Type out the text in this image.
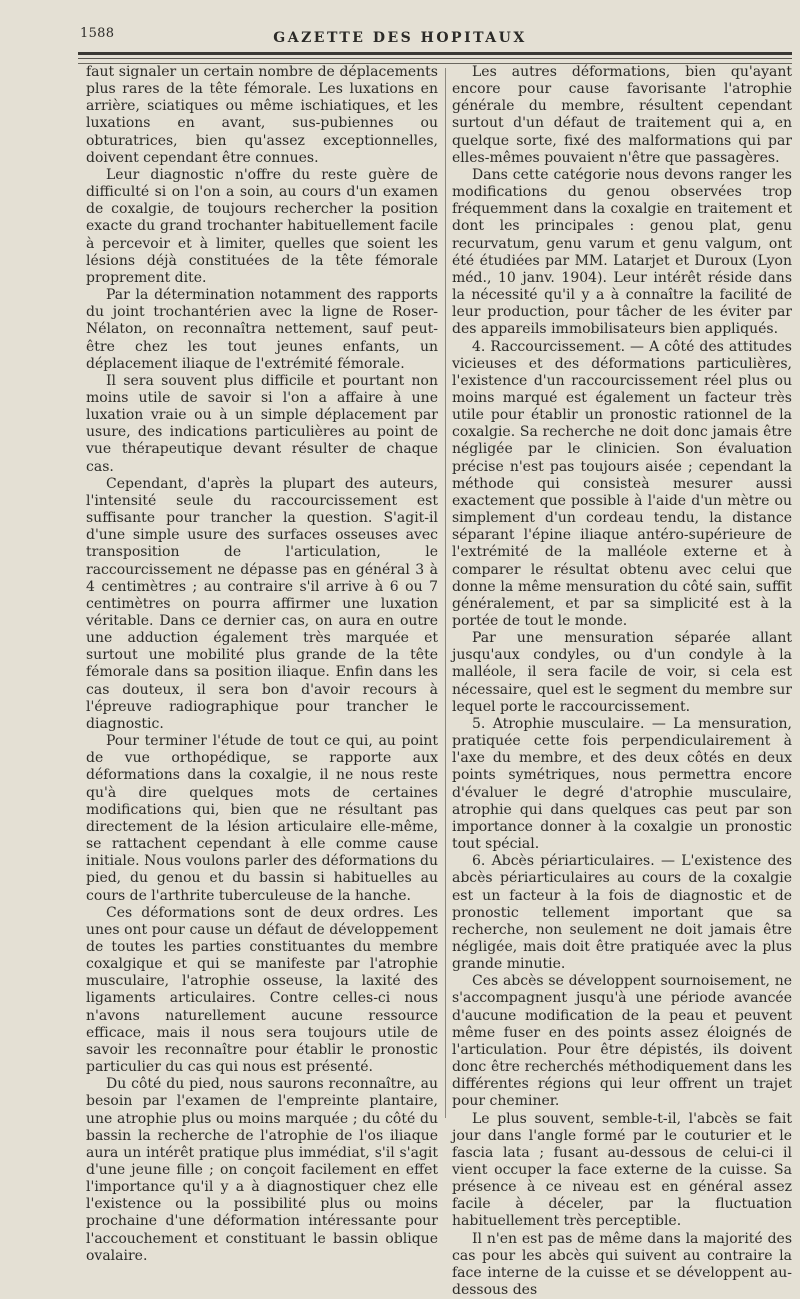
1588	GAZETTE DES HOPITAUX

faut signaler un certain nombre de déplacements plus rares de la tête fémorale. Les luxations en arrière, sciatiques ou même ischiatiques, et les luxations en avant, sus-pubiennes ou obturatrices, bien qu'assez exceptionnelles, doivent cependant être connues.

Leur diagnostic n'offre du reste guère de difficulté si on l'on a soin, au cours d'un examen de coxalgie, de toujours rechercher la position exacte du grand trochanter habituellement facile à percevoir et à limiter, quelles que soient les lésions déjà constituées de la tête fémorale proprement dite.

Par la détermination notamment des rapports du joint trochantérien avec la ligne de Roser-Nélaton, on reconnaîtra nettement, sauf peut-être chez les tout jeunes enfants, un déplacement iliaque de l'extrémité fémorale.

Il sera souvent plus difficile et pourtant non moins utile de savoir si l'on a affaire à une luxation vraie ou à un simple déplacement par usure, des indications particulières au point de vue thérapeutique devant résulter de chaque cas.

Cependant, d'après la plupart des auteurs, l'intensité seule du raccourcissement est suffisante pour trancher la question. S'agit-il d'une simple usure des surfaces osseuses avec transposition de l'articulation, le raccourcissement ne dépasse pas en général 3 à 4 centimètres ; au contraire s'il arrive à 6 ou 7 centimètres on pourra affirmer une luxation véritable. Dans ce dernier cas, on aura en outre une adduction également très marquée et surtout une mobilité plus grande de la tête fémorale dans sa position iliaque. Enfin dans les cas douteux, il sera bon d'avoir recours à l'épreuve radiographique pour trancher le diagnostic.

Pour terminer l'étude de tout ce qui, au point de vue orthopédique, se rapporte aux déformations dans la coxalgie, il ne nous reste qu'à dire quelques mots de certaines modifications qui, bien que ne résultant pas directement de la lésion articulaire elle-même, se rattachent cependant à elle comme cause initiale. Nous voulons parler des déformations du pied, du genou et du bassin si habituelles au cours de l'arthrite tuberculeuse de la hanche.

Ces déformations sont de deux ordres. Les unes ont pour cause un défaut de développement de toutes les parties constituantes du membre coxalgique et qui se manifeste par l'atrophie musculaire, l'atrophie osseuse, la laxité des ligaments articulaires. Contre celles-ci nous n'avons naturellement aucune ressource efficace, mais il nous sera toujours utile de savoir les reconnaître pour établir le pronostic particulier du cas qui nous est présenté.

Du côté du pied, nous saurons reconnaître, au besoin par l'examen de l'empreinte plantaire, une atrophie plus ou moins marquée ; du côté du bassin la recherche de l'atrophie de l'os iliaque aura un intérêt pratique plus immédiat, s'il s'agit d'une jeune fille ; on conçoit facilement en effet l'importance qu'il y a à diagnostiquer chez elle l'existence ou la possibilité plus ou moins prochaine d'une déformation intéressante pour l'accouchement et constituant le bassin oblique ovalaire.

Les autres déformations, bien qu'ayant encore pour cause favorisante l'atrophie générale du membre, résultent cependant surtout d'un défaut de traitement qui a, en quelque sorte, fixé des malformations qui par elles-mêmes pouvaient n'être que passagères.

Dans cette catégorie nous devons ranger les modifications du genou observées trop fréquemment dans la coxalgie en traitement et dont les principales : genou plat, genu recurvatum, genu varum et genu valgum, ont été étudiées par MM. Latarjet et Duroux (Lyon méd., 10 janv. 1904). Leur intérêt réside dans la nécessité qu'il y a à connaître la facilité de leur production, pour tâcher de les éviter par des appareils immobilisateurs bien appliqués.

4. Raccourcissement. — A côté des attitudes vicieuses et des déformations particulières, l'existence d'un raccourcissement réel plus ou moins marqué est également un facteur très utile pour établir un pronostic rationnel de la coxalgie. Sa recherche ne doit donc jamais être négligée par le clinicien. Son évaluation précise n'est pas toujours aisée ; cependant la méthode qui consisteà mesurer aussi exactement que possible à l'aide d'un mètre ou simplement d'un cordeau tendu, la distance séparant l'épine iliaque antéro-supérieure de l'extrémité de la malléole externe et à comparer le résultat obtenu avec celui que donne la même mensuration du côté sain, suffit généralement, et par sa simplicité est à la portée de tout le monde.

Par une mensuration séparée allant jusqu'aux condyles, ou d'un condyle à la malléole, il sera facile de voir, si cela est nécessaire, quel est le segment du membre sur lequel porte le raccourcissement.

5. Atrophie musculaire. — La mensuration, pratiquée cette fois perpendiculairement à l'axe du membre, et des deux côtés en deux points symétriques, nous permettra encore d'évaluer le degré d'atrophie musculaire, atrophie qui dans quelques cas peut par son importance donner à la coxalgie un pronostic tout spécial.

6. Abcès périarticulaires. — L'existence des abcès périarticulaires au cours de la coxalgie est un facteur à la fois de diagnostic et de pronostic tellement important que sa recherche, non seulement ne doit jamais être négligée, mais doit être pratiquée avec la plus grande minutie.

Ces abcès se développent sournoisement, ne s'accompagnent jusqu'à une période avancée d'aucune modification de la peau et peuvent même fuser en des points assez éloignés de l'articulation. Pour être dépistés, ils doivent donc être recherchés méthodiquement dans les différentes régions qui leur offrent un trajet pour cheminer.

Le plus souvent, semble-t-il, l'abcès se fait jour dans l'angle formé par le couturier et le fascia lata ; fusant au-dessous de celui-ci il vient occuper la face externe de la cuisse. Sa présence à ce niveau est en général assez facile à déceler, par la fluctuation habituellement très perceptible.

Il n'en est pas de même dans la majorité des cas pour les abcès qui suivent au contraire la face interne de la cuisse et se développent au-dessous des
